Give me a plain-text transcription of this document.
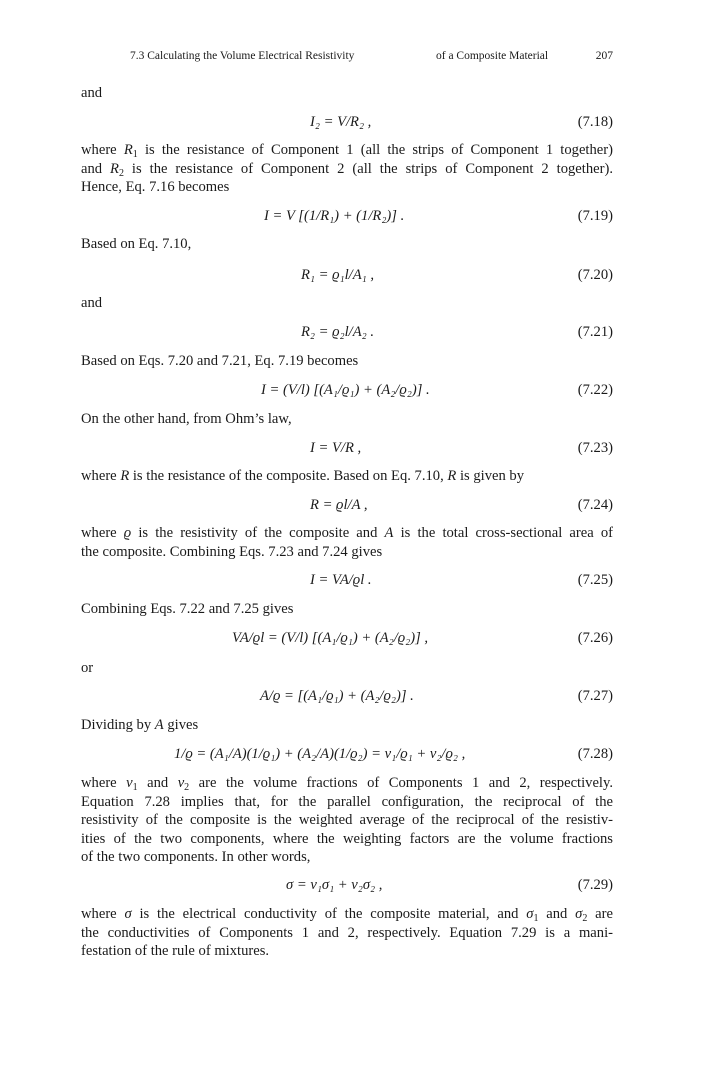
7.3 Calculating the Volume Electrical Resistivity	of a Composite Material	207

and

I₂ = V/R₂ ,	(7.18)

where $R_1$ is the resistance of Component 1 (all the strips of Component 1 together)
and $R_2$ is the resistance of Component 2 (all the strips of Component 2 together).
Hence, Eq. 7.16 becomes

I = V [(1/R₁) + (1/R₂)] .	(7.19)

Based on Eq. 7.10,

R₁ = ϱ₁l/A₁ ,	(7.20)

and

R₂ = ϱ₂l/A₂ .	(7.21)

Based on Eqs. 7.20 and 7.21, Eq. 7.19 becomes

I = (V/l) [(A₁/ϱ₁) + (A₂/ϱ₂)] .	(7.22)

On the other hand, from Ohm’s law,

I = V/R ,	(7.23)

where R is the resistance of the composite. Based on Eq. 7.10, R is given by

R = ϱl/A ,	(7.24)

where ϱ is the resistivity of the composite and A is the total cross-sectional area of
the composite. Combining Eqs. 7.23 and 7.24 gives

I = VA/ϱl .	(7.25)

Combining Eqs. 7.22 and 7.25 gives

VA/ϱl = (V/l) [(A₁/ϱ₁) + (A₂/ϱ₂)] ,	(7.26)

or

A/ϱ = [(A₁/ϱ₁) + (A₂/ϱ₂)] .	(7.27)

Dividing by A gives

1/ϱ = (A₁/A)(1/ϱ₁) + (A₂/A)(1/ϱ₂) = v₁/ϱ₁ + v₂/ϱ₂ ,	(7.28)

where $v_1$ and $v_2$ are the volume fractions of Components 1 and 2, respectively.
Equation 7.28 implies that, for the parallel configuration, the reciprocal of the
resistivity of the composite is the weighted average of the reciprocal of the resistiv-
ities of the two components, where the weighting factors are the volume fractions
of the two components. In other words,

σ = v₁σ₁ + v₂σ₂ ,	(7.29)

where σ is the electrical conductivity of the composite material, and $\sigma_1$ and $\sigma_2$ are
the conductivities of Components 1 and 2, respectively. Equation 7.29 is a mani-
festation of the rule of mixtures.
